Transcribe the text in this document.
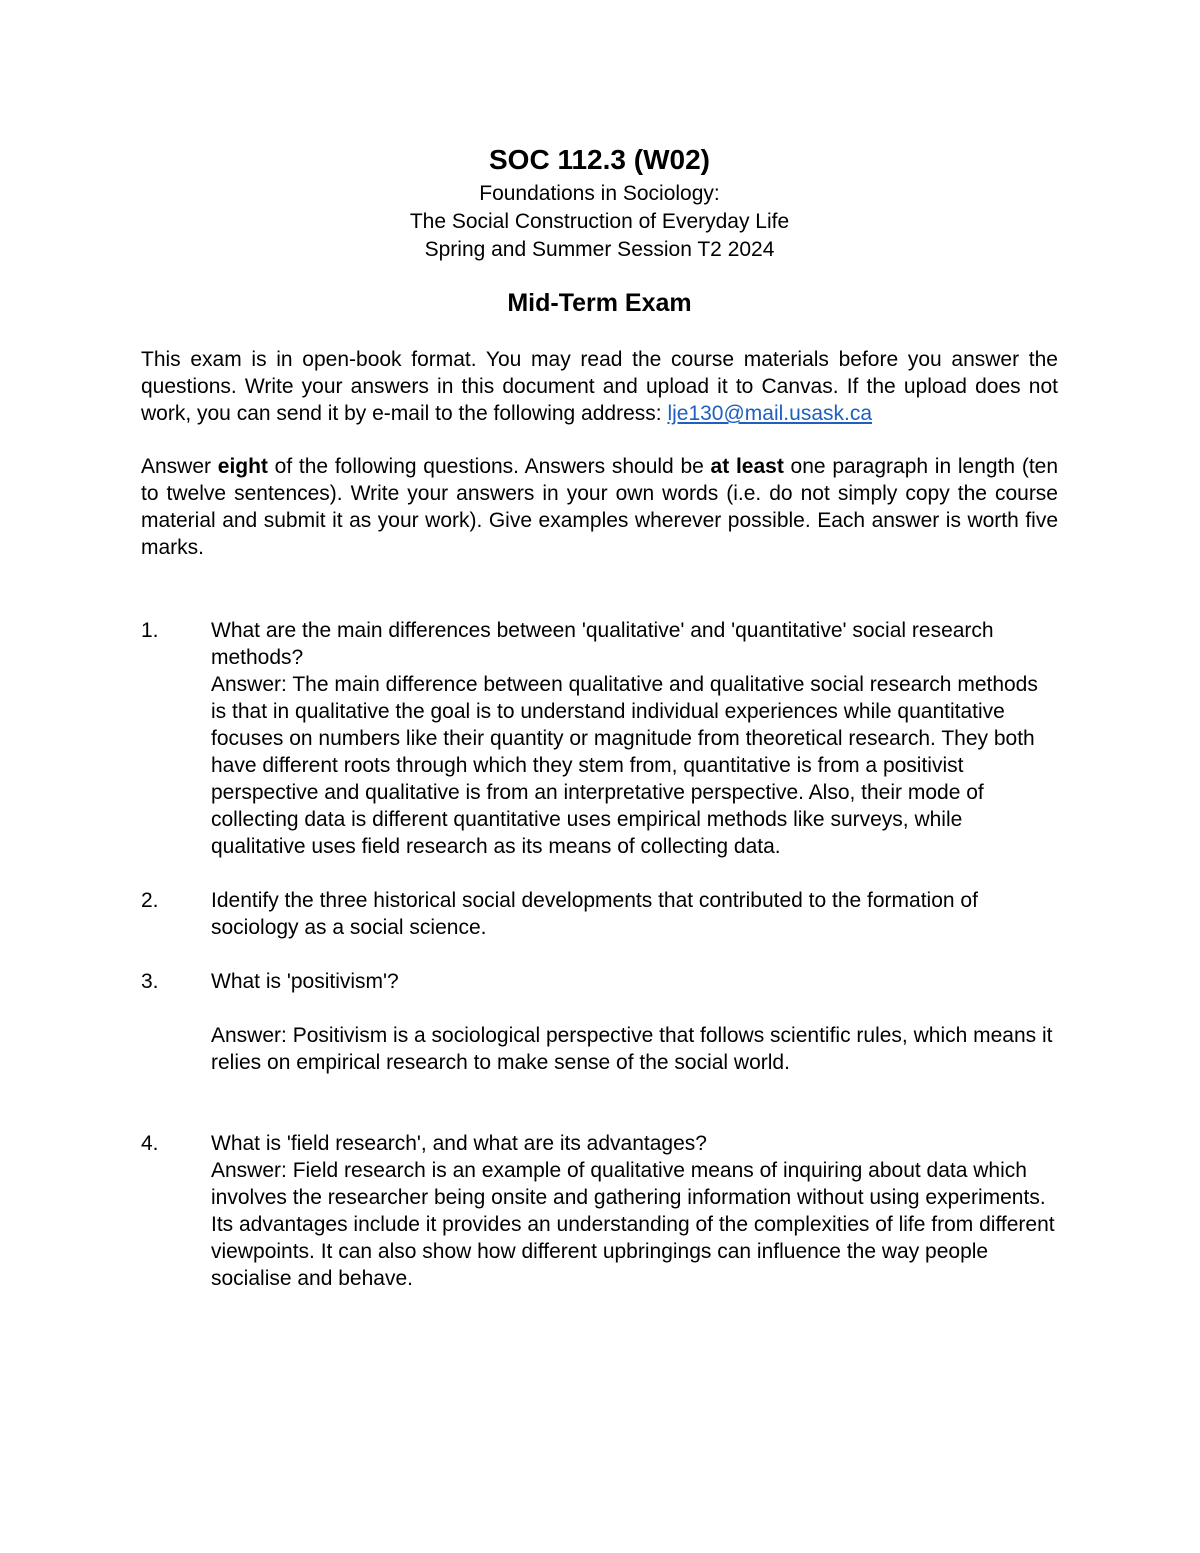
SOC 112.3 (W02)
Foundations in Sociology:
The Social Construction of Everyday Life
Spring and Summer Session T2 2024
Mid-Term Exam
This exam is in open-book format. You may read the course materials before you answer the questions. Write your answers in this document and upload it to Canvas. If the upload does not work, you can send it by e-mail to the following address: lje130@mail.usask.ca
Answer eight of the following questions. Answers should be at least one paragraph in length (ten to twelve sentences). Write your answers in your own words (i.e. do not simply copy the course material and submit it as your work). Give examples wherever possible. Each answer is worth five marks.
1.	What are the main differences between 'qualitative' and 'quantitative' social research methods?
Answer: The main difference between qualitative and qualitative social research methods is that in qualitative the goal is to understand individual experiences while quantitative focuses on numbers like their quantity or magnitude from theoretical research. They both have different roots through which they stem from, quantitative is from a positivist perspective and qualitative is from an interpretative perspective. Also, their mode of collecting data is different quantitative uses empirical methods like surveys, while qualitative uses field research as its means of collecting data.
2.	Identify the three historical social developments that contributed to the formation of sociology as a social science.
3.	What is 'positivism'?
Answer: Positivism is a sociological perspective that follows scientific rules, which means it relies on empirical research to make sense of the social world.
4.	What is 'field research', and what are its advantages?
Answer: Field research is an example of qualitative means of inquiring about data which involves the researcher being onsite and gathering information without using experiments. Its advantages include it provides an understanding of the complexities of life from different viewpoints. It can also show how different upbringings can influence the way people socialise and behave.
